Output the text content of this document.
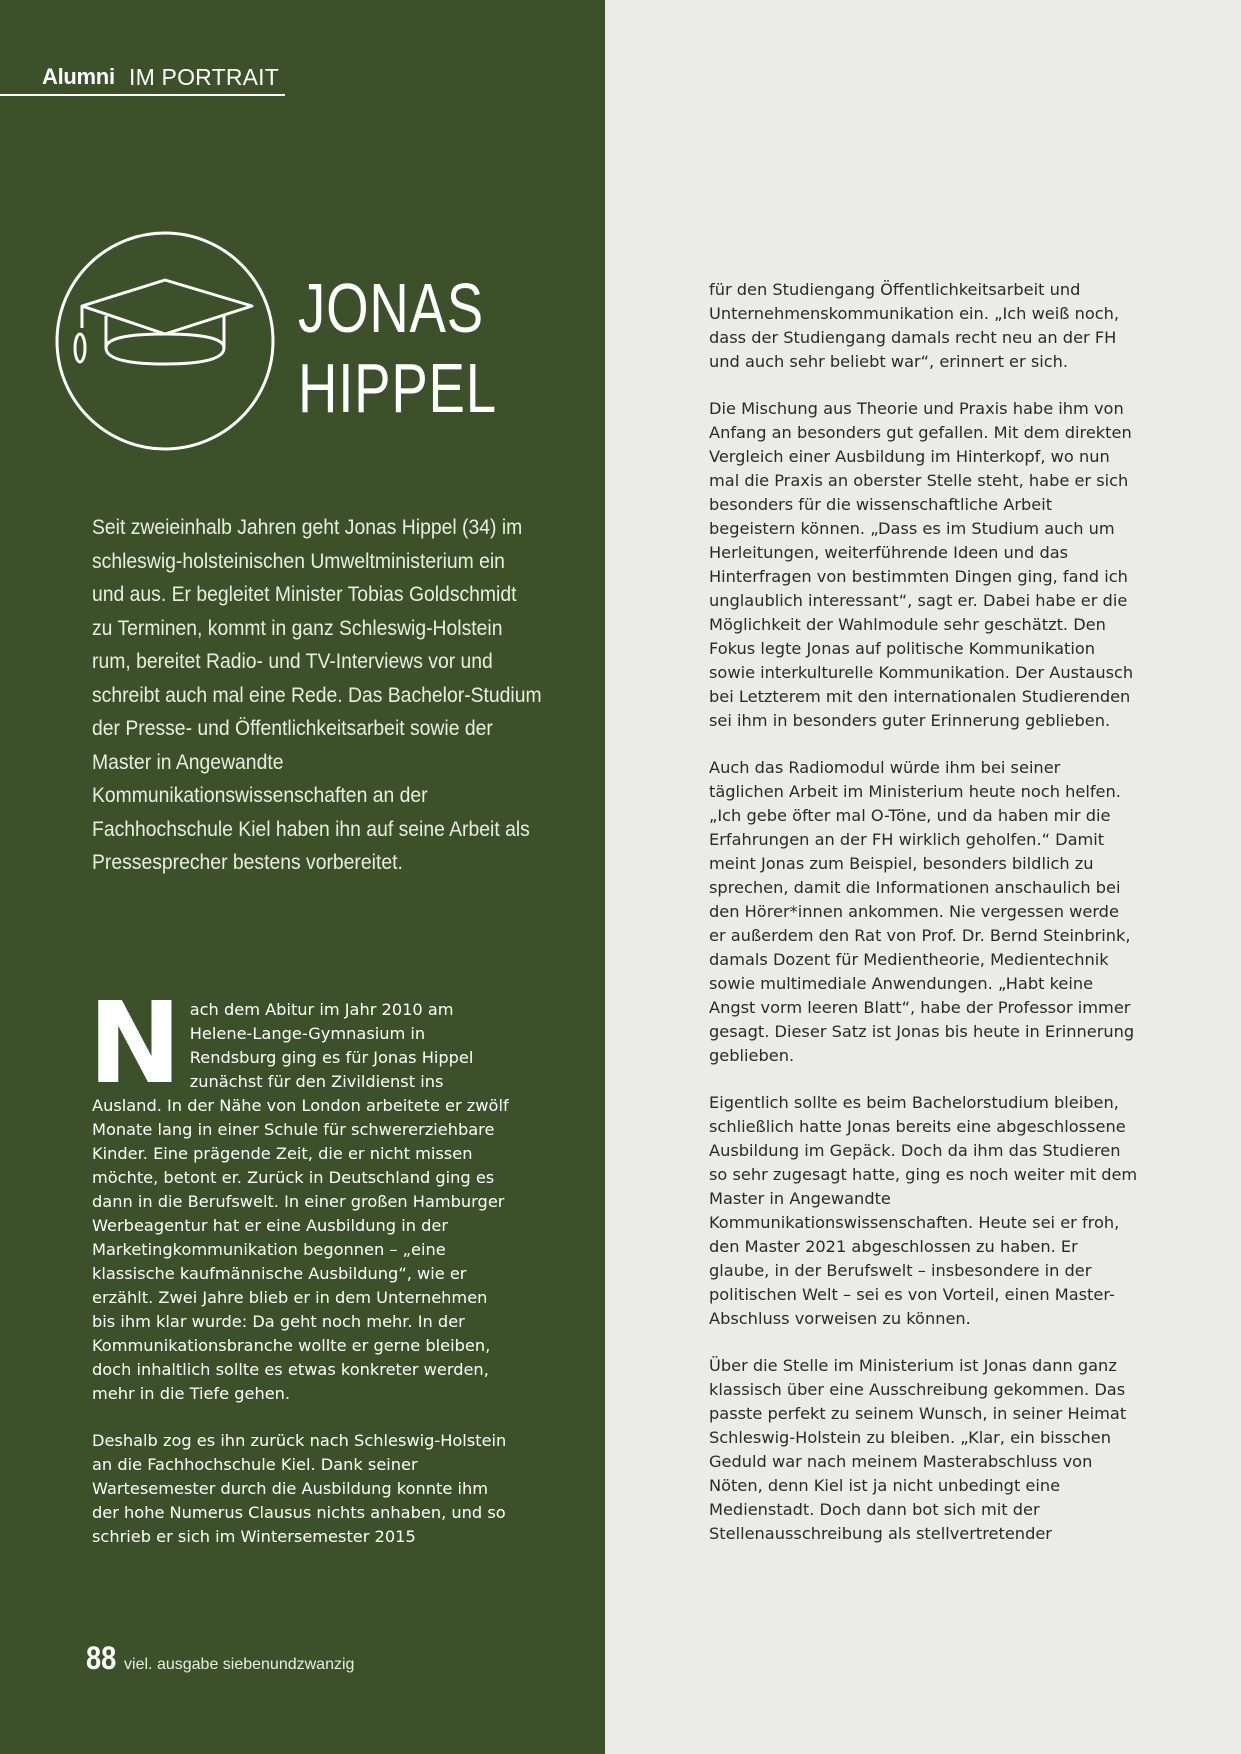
Alumni IM PORTRAIT
JONAS
HIPPEL
Seit zweieinhalb Jahren geht Jonas Hippel (34) im schleswig-holsteinischen Umweltministerium ein und aus. Er begleitet Minister Tobias Goldschmidt zu Terminen, kommt in ganz Schleswig-Holstein rum, bereitet Radio- und TV-Interviews vor und schreibt auch mal eine Rede. Das Bachelor-Studium der Presse- und Öffentlichkeitsarbeit sowie der Master in Angewandte Kommunikationswissenschaften an der Fachhochschule Kiel haben ihn auf seine Arbeit als Pressesprecher bestens vorbereitet.

Nach dem Abitur im Jahr 2010 am Helene-Lange-Gymnasium in Rendsburg ging es für Jonas Hippel zunächst für den Zivildienst ins Ausland. In der Nähe von London arbeitete er zwölf Monate lang in einer Schule für schwererziehbare Kinder. Eine prägende Zeit, die er nicht missen möchte, betont er. Zurück in Deutschland ging es dann in die Berufswelt. In einer großen Hamburger Werbeagentur hat er eine Ausbildung in der Marketingkommunikation begonnen – „eine klassische kaufmännische Ausbildung“, wie er erzählt. Zwei Jahre blieb er in dem Unternehmen bis ihm klar wurde: Da geht noch mehr. In der Kommunikationsbranche wollte er gerne bleiben, doch inhaltlich sollte es etwas konkreter werden, mehr in die Tiefe gehen.

Deshalb zog es ihn zurück nach Schleswig-Holstein an die Fachhochschule Kiel. Dank seiner Wartesemester durch die Ausbildung konnte ihm der hohe Numerus Clausus nichts anhaben, und so schrieb er sich im Wintersemester 2015

88 viel. ausgabe siebenundzwanzig

für den Studiengang Öffentlichkeitsarbeit und Unternehmenskommunikation ein. „Ich weiß noch, dass der Studiengang damals recht neu an der FH und auch sehr beliebt war“, erinnert er sich.

Die Mischung aus Theorie und Praxis habe ihm von Anfang an besonders gut gefallen. Mit dem direkten Vergleich einer Ausbildung im Hinterkopf, wo nun mal die Praxis an oberster Stelle steht, habe er sich besonders für die wissenschaftliche Arbeit begeistern können. „Dass es im Studium auch um Herleitungen, weiterführende Ideen und das Hinterfragen von bestimmten Dingen ging, fand ich unglaublich interessant“, sagt er. Dabei habe er die Möglichkeit der Wahlmodule sehr geschätzt. Den Fokus legte Jonas auf politische Kommunikation sowie interkulturelle Kommunikation. Der Austausch bei Letzterem mit den internationalen Studierenden sei ihm in besonders guter Erinnerung geblieben.

Auch das Radiomodul würde ihm bei seiner täglichen Arbeit im Ministerium heute noch helfen. „Ich gebe öfter mal O-Töne, und da haben mir die Erfahrungen an der FH wirklich geholfen.“ Damit meint Jonas zum Beispiel, besonders bildlich zu sprechen, damit die Informationen anschaulich bei den Hörer*innen ankommen. Nie vergessen werde er außerdem den Rat von Prof. Dr. Bernd Steinbrink, damals Dozent für Medientheorie, Medientechnik sowie multimediale Anwendungen. „Habt keine Angst vorm leeren Blatt“, habe der Professor immer gesagt. Dieser Satz ist Jonas bis heute in Erinnerung geblieben.

Eigentlich sollte es beim Bachelorstudium bleiben, schließlich hatte Jonas bereits eine abgeschlossene Ausbildung im Gepäck. Doch da ihm das Studieren so sehr zugesagt hatte, ging es noch weiter mit dem Master in Angewandte Kommunikationswissenschaften. Heute sei er froh, den Master 2021 abgeschlossen zu haben. Er glaube, in der Berufswelt – insbesondere in der politischen Welt – sei es von Vorteil, einen Master-Abschluss vorweisen zu können.

Über die Stelle im Ministerium ist Jonas dann ganz klassisch über eine Ausschreibung gekommen. Das passte perfekt zu seinem Wunsch, in seiner Heimat Schleswig-Holstein zu bleiben. „Klar, ein bisschen Geduld war nach meinem Masterabschluss von Nöten, denn Kiel ist ja nicht unbedingt eine Medienstadt. Doch dann bot sich mit der Stellenausschreibung als stellvertretender
